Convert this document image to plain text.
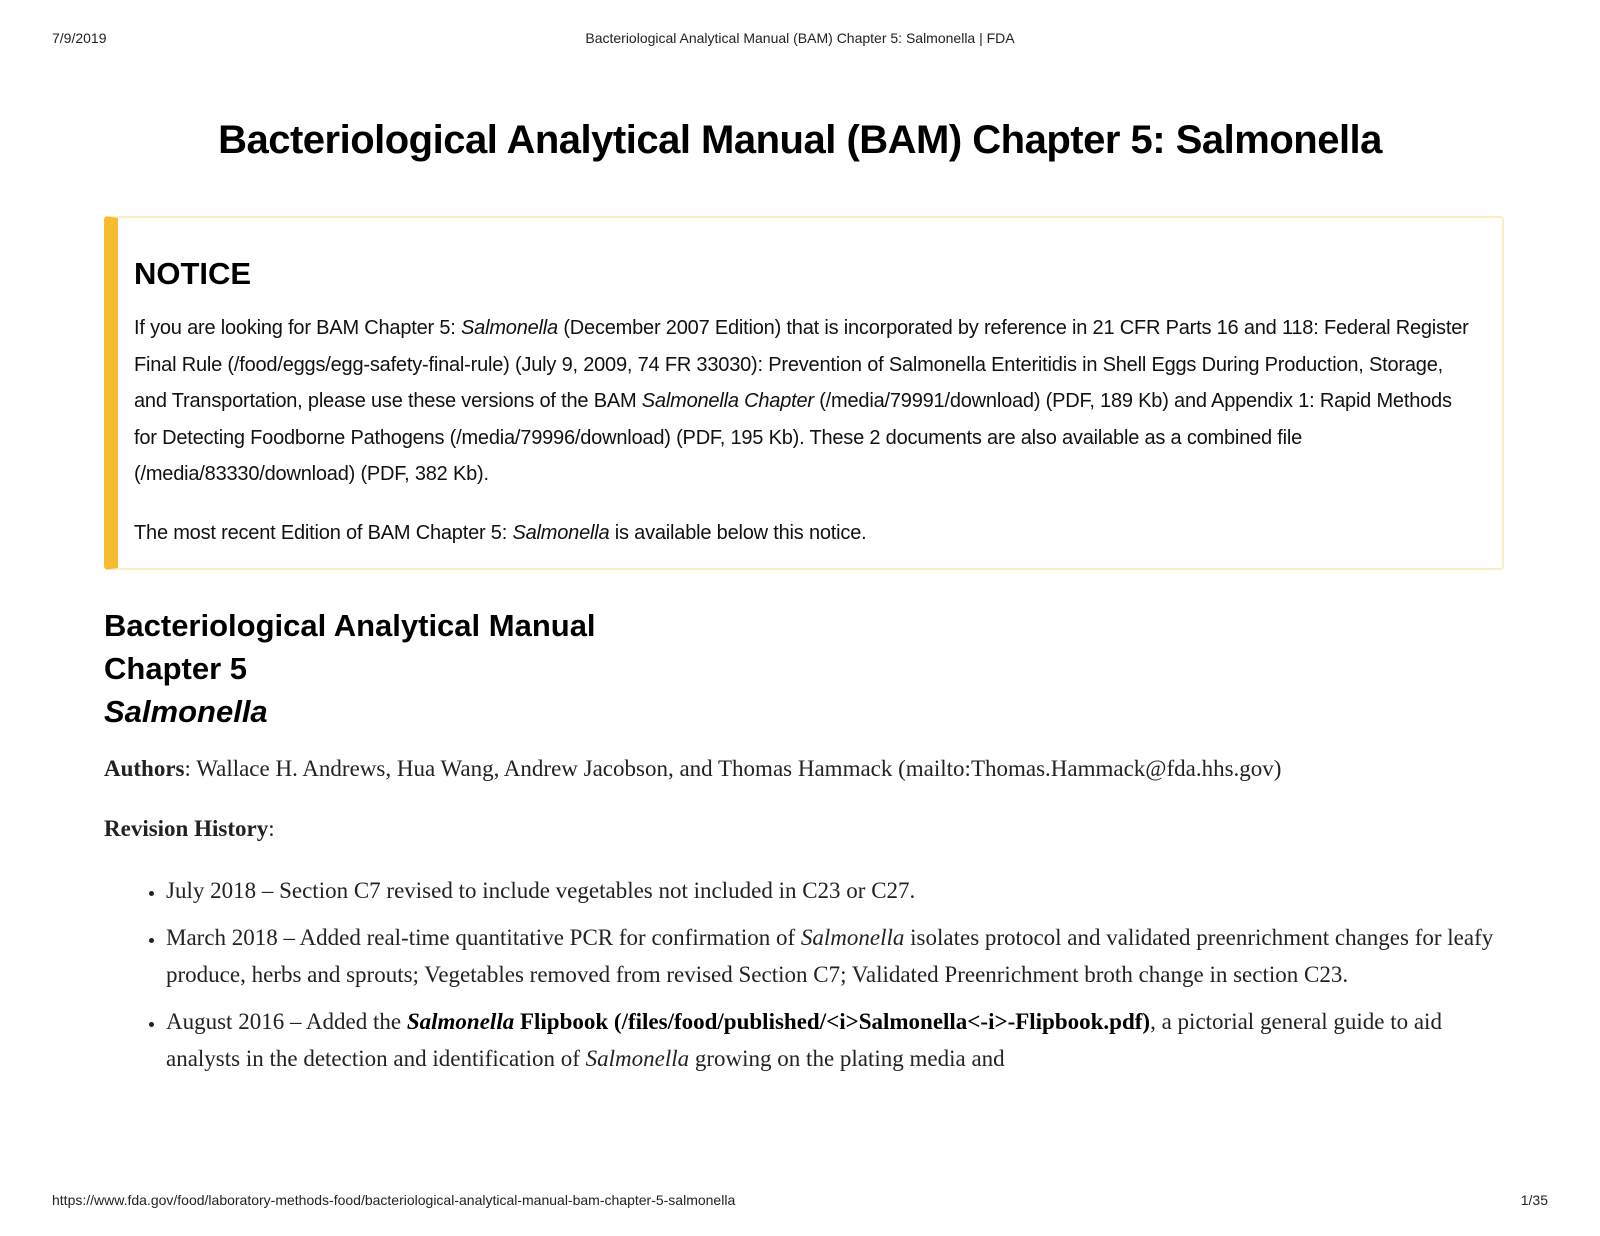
7/9/2019	Bacteriological Analytical Manual (BAM) Chapter 5: Salmonella | FDA
Bacteriological Analytical Manual (BAM) Chapter 5: Salmonella
NOTICE

If you are looking for BAM Chapter 5: Salmonella (December 2007 Edition) that is incorporated by reference in 21 CFR Parts 16 and 118: Federal Register Final Rule (/food/eggs/egg-safety-final-rule) (July 9, 2009, 74 FR 33030): Prevention of Salmonella Enteritidis in Shell Eggs During Production, Storage, and Transportation, please use these versions of the BAM Salmonella Chapter (/media/79991/download) (PDF, 189 Kb) and Appendix 1: Rapid Methods for Detecting Foodborne Pathogens (/media/79996/download) (PDF, 195 Kb). These 2 documents are also available as a combined file (/media/83330/download) (PDF, 382 Kb).

The most recent Edition of BAM Chapter 5: Salmonella is available below this notice.

Bacteriological Analytical Manual
Chapter 5
Salmonella

Authors: Wallace H. Andrews, Hua Wang, Andrew Jacobson, and Thomas Hammack (mailto:Thomas.Hammack@fda.hhs.gov)

Revision History:

• July 2018 – Section C7 revised to include vegetables not included in C23 or C27.
• March 2018 – Added real-time quantitative PCR for confirmation of Salmonella isolates protocol and validated preenrichment changes for leafy produce, herbs and sprouts; Vegetables removed from revised Section C7; Validated Preenrichment broth change in section C23.
• August 2016 – Added the Salmonella Flipbook (/files/food/published/<i>Salmonella<-i>-Flipbook.pdf), a pictorial general guide to aid analysts in the detection and identification of Salmonella growing on the plating media and
https://www.fda.gov/food/laboratory-methods-food/bacteriological-analytical-manual-bam-chapter-5-salmonella	1/35
